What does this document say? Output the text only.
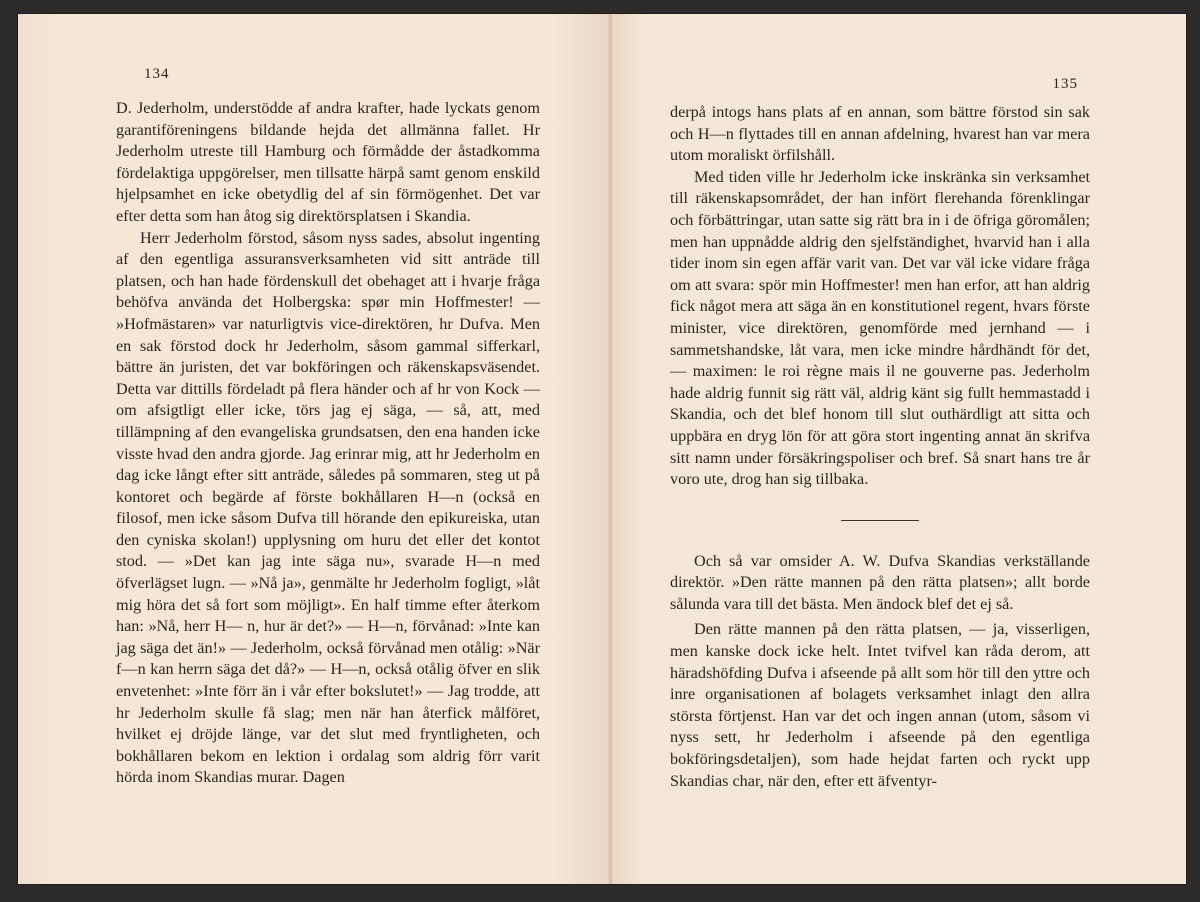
134

D. Jederholm, understödde af andra krafter, hade lyckats genom garantiföreningens bildande hejda det allmänna fallet. Hr Jederholm utreste till Hamburg och förmådde der åstadkomma fördelaktiga uppgörelser, men tillsatte härpå samt genom enskild hjelpsamhet en icke obetydlig del af sin förmögenhet. Det var efter detta som han åtog sig direktörsplatsen i Skandia.

Herr Jederholm förstod, såsom nyss sades, absolut ingenting af den egentliga assuransverksamheten vid sitt anträde till platsen, och han hade fördenskull det obehaget att i hvarje fråga behöfva använda det Holbergska: spør min Hoffmester! — »Hofmästaren» var naturligtvis vice-direktören, hr Dufva. Men en sak förstod dock hr Jederholm, såsom gammal sifferkarl, bättre än juristen, det var bokföringen och räkenskapsväsendet. Detta var dittills fördeladt på flera händer och af hr von Kock — om afsigtligt eller icke, törs jag ej säga, — så, att, med tillämpning af den evangeliska grundsatsen, den ena handen icke visste hvad den andra gjorde. Jag erinrar mig, att hr Jederholm en dag icke långt efter sitt anträde, således på sommaren, steg ut på kontoret och begärde af förste bokhållaren H—n (också en filosof, men icke såsom Dufva till hörande den epikureiska, utan den cyniska skolan!) upplysning om huru det eller det kontot stod. — »Det kan jag inte säga nu», svarade H—n med öfverlägset lugn. — »Nå ja», genmälte hr Jederholm fogligt, »låt mig höra det så fort som möjligt». En half timme efter återkom han: »Nå, herr H— n, hur är det?» — H—n, förvånad: »Inte kan jag säga det än!» — Jederholm, också förvånad men otålig: »När f—n kan herrn säga det då?» — H—n, också otålig öfver en slik envetenhet: »Inte förr än i vår efter bokslutet!» — Jag trodde, att hr Jederholm skulle få slag; men när han återfick målföret, hvilket ej dröjde länge, var det slut med fryntligheten, och bokhållaren bekom en lektion i ordalag som aldrig förr varit hörda inom Skandias murar. Dagen

135

derpå intogs hans plats af en annan, som bättre förstod sin sak och H—n flyttades till en annan afdelning, hvarest han var mera utom moraliskt örfilshåll.

Med tiden ville hr Jederholm icke inskränka sin verksamhet till räkenskapsområdet, der han infört flerehanda förenklingar och förbättringar, utan satte sig rätt bra in i de öfriga göromålen; men han uppnådde aldrig den sjelfständighet, hvarvid han i alla tider inom sin egen affär varit van. Det var väl icke vidare fråga om att svara: spör min Hoffmester! men han erfor, att han aldrig fick något mera att säga än en konstitutionel regent, hvars förste minister, vice direktören, genomförde med jernhand — i sammetshandske, låt vara, men icke mindre hårdhändt för det, — maximen: le roi règne mais il ne gouverne pas. Jederholm hade aldrig funnit sig rätt väl, aldrig känt sig fullt hemmastadd i Skandia, och det blef honom till slut outhärdligt att sitta och uppbära en dryg lön för att göra stort ingenting annat än skrifva sitt namn under försäkringspoliser och bref. Så snart hans tre år voro ute, drog han sig tillbaka.

Och så var omsider A. W. Dufva Skandias verkställande direktör. »Den rätte mannen på den rätta platsen»; allt borde sålunda vara till det bästa. Men ändock blef det ej så.

Den rätte mannen på den rätta platsen, — ja, visserligen, men kanske dock icke helt. Intet tvifvel kan råda derom, att häradshöfding Dufva i afseende på allt som hör till den yttre och inre organisationen af bolagets verksamhet inlagt den allra största förtjenst. Han var det och ingen annan (utom, såsom vi nyss sett, hr Jederholm i afseende på den egentliga bokföringsdetaljen), som hade hejdat farten och ryckt upp Skandias char, när den, efter ett äfventyr-
